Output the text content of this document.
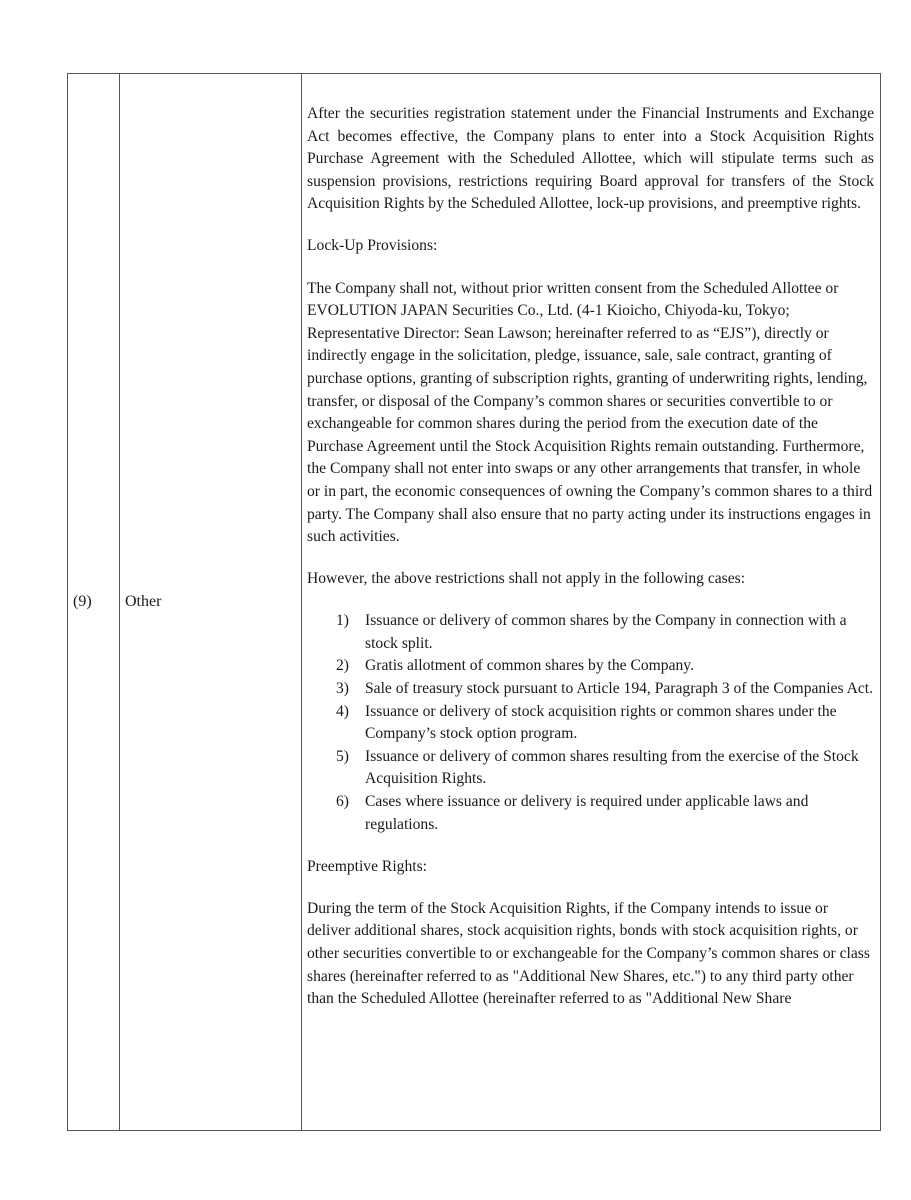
(9) Other

After the securities registration statement under the Financial Instruments and Exchange Act becomes effective, the Company plans to enter into a Stock Acquisition Rights Purchase Agreement with the Scheduled Allottee, which will stipulate terms such as suspension provisions, restrictions requiring Board approval for transfers of the Stock Acquisition Rights by the Scheduled Allottee, lock-up provisions, and preemptive rights.

Lock-Up Provisions:

The Company shall not, without prior written consent from the Scheduled Allottee or EVOLUTION JAPAN Securities Co., Ltd. (4-1 Kioicho, Chiyoda-ku, Tokyo; Representative Director: Sean Lawson; hereinafter referred to as “EJS”), directly or indirectly engage in the solicitation, pledge, issuance, sale, sale contract, granting of purchase options, granting of subscription rights, granting of underwriting rights, lending, transfer, or disposal of the Company’s common shares or securities convertible to or exchangeable for common shares during the period from the execution date of the Purchase Agreement until the Stock Acquisition Rights remain outstanding. Furthermore, the Company shall not enter into swaps or any other arrangements that transfer, in whole or in part, the economic consequences of owning the Company’s common shares to a third party. The Company shall also ensure that no party acting under its instructions engages in such activities.

However, the above restrictions shall not apply in the following cases:

1)	Issuance or delivery of common shares by the Company in connection with a stock split.
2)	Gratis allotment of common shares by the Company.
3)	Sale of treasury stock pursuant to Article 194, Paragraph 3 of the Companies Act.
4)	Issuance or delivery of stock acquisition rights or common shares under the Company’s stock option program.
5)	Issuance or delivery of common shares resulting from the exercise of the Stock Acquisition Rights.
6)	Cases where issuance or delivery is required under applicable laws and regulations.

Preemptive Rights:

During the term of the Stock Acquisition Rights, if the Company intends to issue or deliver additional shares, stock acquisition rights, bonds with stock acquisition rights, or other securities convertible to or exchangeable for the Company’s common shares or class shares (hereinafter referred to as "Additional New Shares, etc.") to any third party other than the Scheduled Allottee (hereinafter referred to as "Additional New Share
